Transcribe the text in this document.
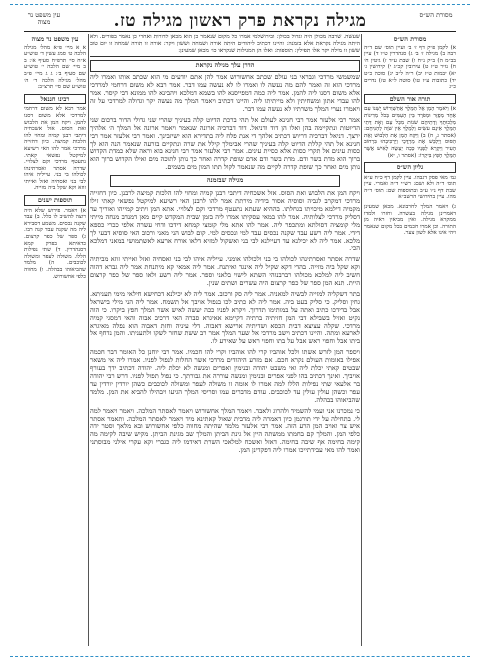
מסורת הש״ס
מגילה נקראת פרק ראשון מגילה טז.
עין משפט נר מצוה
מסורת הש״ס
א) לקמן פ״ק דף ז׳ ב׳ ועיין תוס׳ שם ד״ה רבה ב) מגילה ז׳ ב׳ ג) סנהדרין ט״ו ד) עיין בב״מ ה) ב״ק נ״ח ו) שבת ע״ד ז) גיטין ח׳ ח) נזיר ט״ז ט) עירובין קכ״ג י) קידושין ג׳ יא) יבמות ט״ז יב) ר״ה ל״ב יג) סוכה כ״ט יד) כתובות ע״ז טו) סוטה ל״א טז) נדרים כ״ג
תורה אור השלם
א) וַיֹּאמֶר הָמָן אֶל הַמֶּלֶךְ אֲחַשְׁוֵרוֹשׁ יֶשְׁנוֹ עַם אֶחָד מְפֻזָּר וּמְפֹרָד בֵּין הָעַמִּים בְּכֹל מְדִינוֹת מַלְכוּתֶךָ וְדָתֵיהֶם שֹׁנוֹת מִכָּל עָם וְאֶת דָּתֵי הַמֶּלֶךְ אֵינָם עֹשִׂים וְלַמֶּלֶךְ אֵין שֹׁוֶה לְהַנִּיחָם: (אסתר ג, ח) ב) וַיִּקַּח הָמָן אֶת הַלְּבוּשׁ וְאֶת הַסּוּס וַיַּלְבֵּשׁ אֶת מָרְדֳּכָי וַיַּרְכִּיבֵהוּ בִּרְחוֹב הָעִיר וַיִּקְרָא לְפָנָיו כָּכָה יֵעָשֶׂה לָאִישׁ אֲשֶׁר הַמֶּלֶךְ חָפֵץ בִּיקָרוֹ: (אסתר ו, יא)
גליון הש״ס
גמ׳ מאי פסק דגבהו. עיין לקמן דף כ״ח ע״א תוס׳ ד״ה ולא ושם: רש״י ד״ה ואמרי. עיין שבת דף נ״ו ע״ב ובתוספות שם: תוס׳ ד״ה מהו. עיין בחידושי הרשב״א
ג) ויאמר המלך לחרבונא. מכאן שמעינן דאמרינן מגילה בעשרה. וחזרו ולמדו ממקרא מגילה. ואין מביאין ראיה מן התורה. וכן אמרו חכמים בכל מקום שנאמר ויהי אינו אלא לשון צער.
שעשה. שרבה מכולן היה וגדול בכולן: ובירושלמי אמרו כל מקום שנאמר כן הוא מכאן לדורות ואחרי כן נאמר בפורים. ולא היתה מגילה נקראת אלא בזמנה: והיינו דכתיב ליהודים היתה אורה ושמחה וששון ויקר: אורה זו תורה שמחה זו יום טוב ששון זו מילה יקר אלו תפילין: תוספות: ואלו הן המגילות שנקראו כו׳ מכאן שמעינן:
הדרן עלך מגילה נקראת
שמשמשי מרדכי וגבראי בני עולם שכתב אחשורוש אמר להן אתם יודעים מי הוא שכתב אותו ואמרו ליה מרדכי הוא זה ואמר להם מה נעשה לו ואמרו לו לא נעשה עמו דבר. אמר רבא לא משום דרחמי למרדכי אלא משום דסנו ליה להמן. אמר ליה כמה דמפייסנא להו בשמא דמלכא ויהבינא להו ממונא דבי קיסר. אמר להו עבדי אתון ומשחיתין ולא מייתיתו ליה. והיינו דכתיב ויאמר המלך מה נעשה יקר וגדולה למרדכי על זה ויאמרו נערי המלך משרתיו לא נעשה עמו דבר.
אמר רבי אלעזר אמר רבי חנינא לעולם אל תהי ברכת הדיוט קלה בעיניך שהרי שני גדולי הדור ברכום שני הדיוטות ונתקיימה בהן ואלו הן דוד ודניאל. דוד דברכיה ארונה שנאמר ויאמר ארונה אל המלך ה׳ אלהיך ירצך. דניאל דברכיה דריוש דכתיב אלהך די אנת פלח ליה בתדירא הוא ישיזבינך. ואמר רבי אלעזר אמר רבי חנינא אל תהי קללת הדיוט קלה בעיניך שהרי אבימלך קילל את שרה ונתקיים בזרעה שנאמר הנה הוא לך כסות עינים אל תקרי כסות אלא כסיית עינים. אמר רבי אלעזר אמר רבי חנינא בוא וראה שלא כמדת הקדוש ברוך הוא מדת בשר ודם. מדת בשר ודם אדם שופת קדרה ואחר כך נותן לתוכה מים ואילו הקדוש ברוך הוא נותן מים ואחר כך שופת קדרה לקיים מה שנאמר לקול תתו המון מים בשמים.
מגילה שבזמנה
ויקח המן את הלבוש ואת הסוס. אזל אשכחיה דיתבי רבנן קמיה ומחוי להו הלכות קמיצה לרבנן. כיון דחזייה מרדכי דמקרב לגביה וסוסיה אסור בידיה מירתת אמר להו לרבנן האי רשיעא למיקטל נפשאי קאתי זילו מקמיה דילמא מיכויתו בגחלתו. בההיא שעתא נתעטף מרדכי וקם לצלויי. אתא המן ויתיב קמייהו ואוריך עד דסליק מרדכי לצלותיה. אמר להו במאי עסקיתו אמרו ליה בזמן שבית המקדש קיים מאן דמנדב מנחה מייתי מלי קומציה דסולתא ומתכפר ליה. אמר להו אתא מלי קומצי קמחא דידכו ודחי עשרה אלפי ככרי כספא דידי. אמר ליה רשע עבד שקנה נכסים עבד למי ונכסים למי. קום לבוש הני מאני ורכוב האי סוסיא דבעי לך מלכא. אמר ליה לא יכילנא עד דעיילנא לבי בני ואשקול למזיא דלאו אורח ארעא לאשתמושי במאני דמלכא הכי.
שדרה אסתר ואסרתינהו לכולהו בי בני ולכולהו אומני. עייליה איהו לבי בני ואסחיה ואזל ואייתי זוזא מביתיה וקא שקל ביה מזייה. בהדי דקא שקיל ליה אינגד ואיתנח. אמר ליה אמאי קא מיתנחת אמר ליה גברא דהוה חשיב ליה למלכא מכולהו רברבנוהי השתא לישוי בלאני וספר. אמר ליה רשע ולאו ספר של כפר קרצום היית. תנא המן ספר של כפר קרצום היה עשרים ושתים שנין.
בתר דשקליה למזייה לבשיה למאניה. אמר ליה סק ורכוב. אמר ליה לא יכילנא דכחישא חילאי מימי תעניתא. גחין וסליק. כי סליק בעט ביה. אמר ליה לא כתיב לכו בנפול אויבך אל תשמח. אמר ליה הני מילי בישראל אבל בדידכו כתיב ואתה על במותימו תדרוך. ויקרא לפניו ככה יעשה לאיש אשר המלך חפץ ביקרו. כי הוה נקיט ואזיל בשבילא דבי המן חזיתיה ברתיה דקיימא אאיגרא סברה האי דרכיב אבוה והאי דמסגי קמיה מרדכי. שקלה עציצא דבית הכסא ושדיתיה ארישא דאבוה. דלי עיניה וחזת דאבוה הוא נפלה מאיגרא לארעא ומתה. והיינו דכתיב וישב מרדכי אל שער המלך אמר רב ששת שחזר לשקו ולתעניתו. והמן נדחף אל ביתו אבל וחפוי ראש אבל על בתו וחפוי ראש על שאירע לו.
ויספר המן לזרש אשתו ולכל אוהביו קרי להו אוהביו וקרי להו חכמיו. אמר רבי יוחנן כל האומר דבר חכמה אפילו באומות העולם נקרא חכם. אם מזרע היהודים מרדכי אשר החלות לנפול לפניו. אמרו ליה אי משאר שבטים קאתי יכלת ליה ואי משבט יהודה ובנימין ואפרים ומנשה לא יכלת ליה. יהודה דכתיב ידך בעורף אויביך. ואינך דכתיב בהו לפני אפרים ובנימין ומנשה עוררה את גבורתך. כי נפול תפול לפניו. דרש רבי יהודה בר אלעאי שתי נפילות הללו למה אמרו לו אומה זו משולה לעפר ומשולה לכוכבים כשהן יורדין יורדין עד עפר וכשהן עולין עולין עד לכוכבים. עודם מדברים עמו וסריסי המלך הגיעו ויבהילו להביא את המן. מלמד שהביאוהו בבהלה.
כי נמכרנו אני ועמי להשמיד ולהרוג ולאבד. ויאמר המלך אחשורוש ויאמר לאסתר המלכה. ויאמר ויאמר למה לי. בתחילה על ידי תורגמן כיון דאמרה ליה מדבית שאול קאתינא מיד ויאמר לאסתר המלכה. ותאמר אסתר איש צר ואויב המן הרע הזה. אמר רבי אלעזר מלמד שהיתה מחווה כלפי אחשורוש ובא מלאך וסטר ידה כלפי המן. והמלך קם בחמתו ממשתה היין אל גינת הביתן והמלך שב מגינת הביתן. מקיש שיבה לקימה מה קימה בחימה אף שיבה בחימה. דאזל ואשכח למלאכי השרת דאידמו ליה כגברי וקא עקרי אילני מבוסתני ואמר להו מאי עבידתייכו אמרו ליה דפקדינן המן.
עין משפט נר מצוה
א א מיי׳ פ״א מהל׳ מגילה הלכה ט׳ סמג עשין ד׳ טוש״ע א״ח סי׳ תרפ״ח סעיף א׳: ב ב מיי׳ שם הלכה י׳ טוש״ע שם סעיף ב׳: ג ג מיי׳ פ״ב מהל׳ מגילה הלכה ד׳ ה׳ טוש״ע שם סי׳ תרצ״ב:
רבינו חננאל
אמר רבא לא משום דרחמי למרדכי אלא משום דסנו להמן. ויקח המן את הלבוש ואת הסוס. אזל אשכחיה דיתבי רבנן קמיה ומחוי להו הלכות קמיצה. כיון דחזייה מרדכי אמר להו האי רשיעא למיקטל נפשאי קאתי. נתעטף מרדכי וקם לצלויי. שדרה אסתר ואסרתינהו לכולהו בי בני. עייליה איהו לבי בני ואסחיה ואזל ואייתי זוזא וקא שקל ביה מזייה.
תוספות ישנים
א) ויאמר. פירוש שלא היה רוצה להשיב לו כלל. ב) עבד שקנה נכסים. משמע דסבירא ליה מה שקנה עבד קנה רבו. ג) ספר של כפר קרצום. כדאיתא בפרק קמא דסנהדרין. ד) שתי נפילות הללו. משולה לעפר ומשולה לכוכבים. ה) מלמד שהביאוהו בבהלה. ו) מחווה כלפי אחשורוש.
